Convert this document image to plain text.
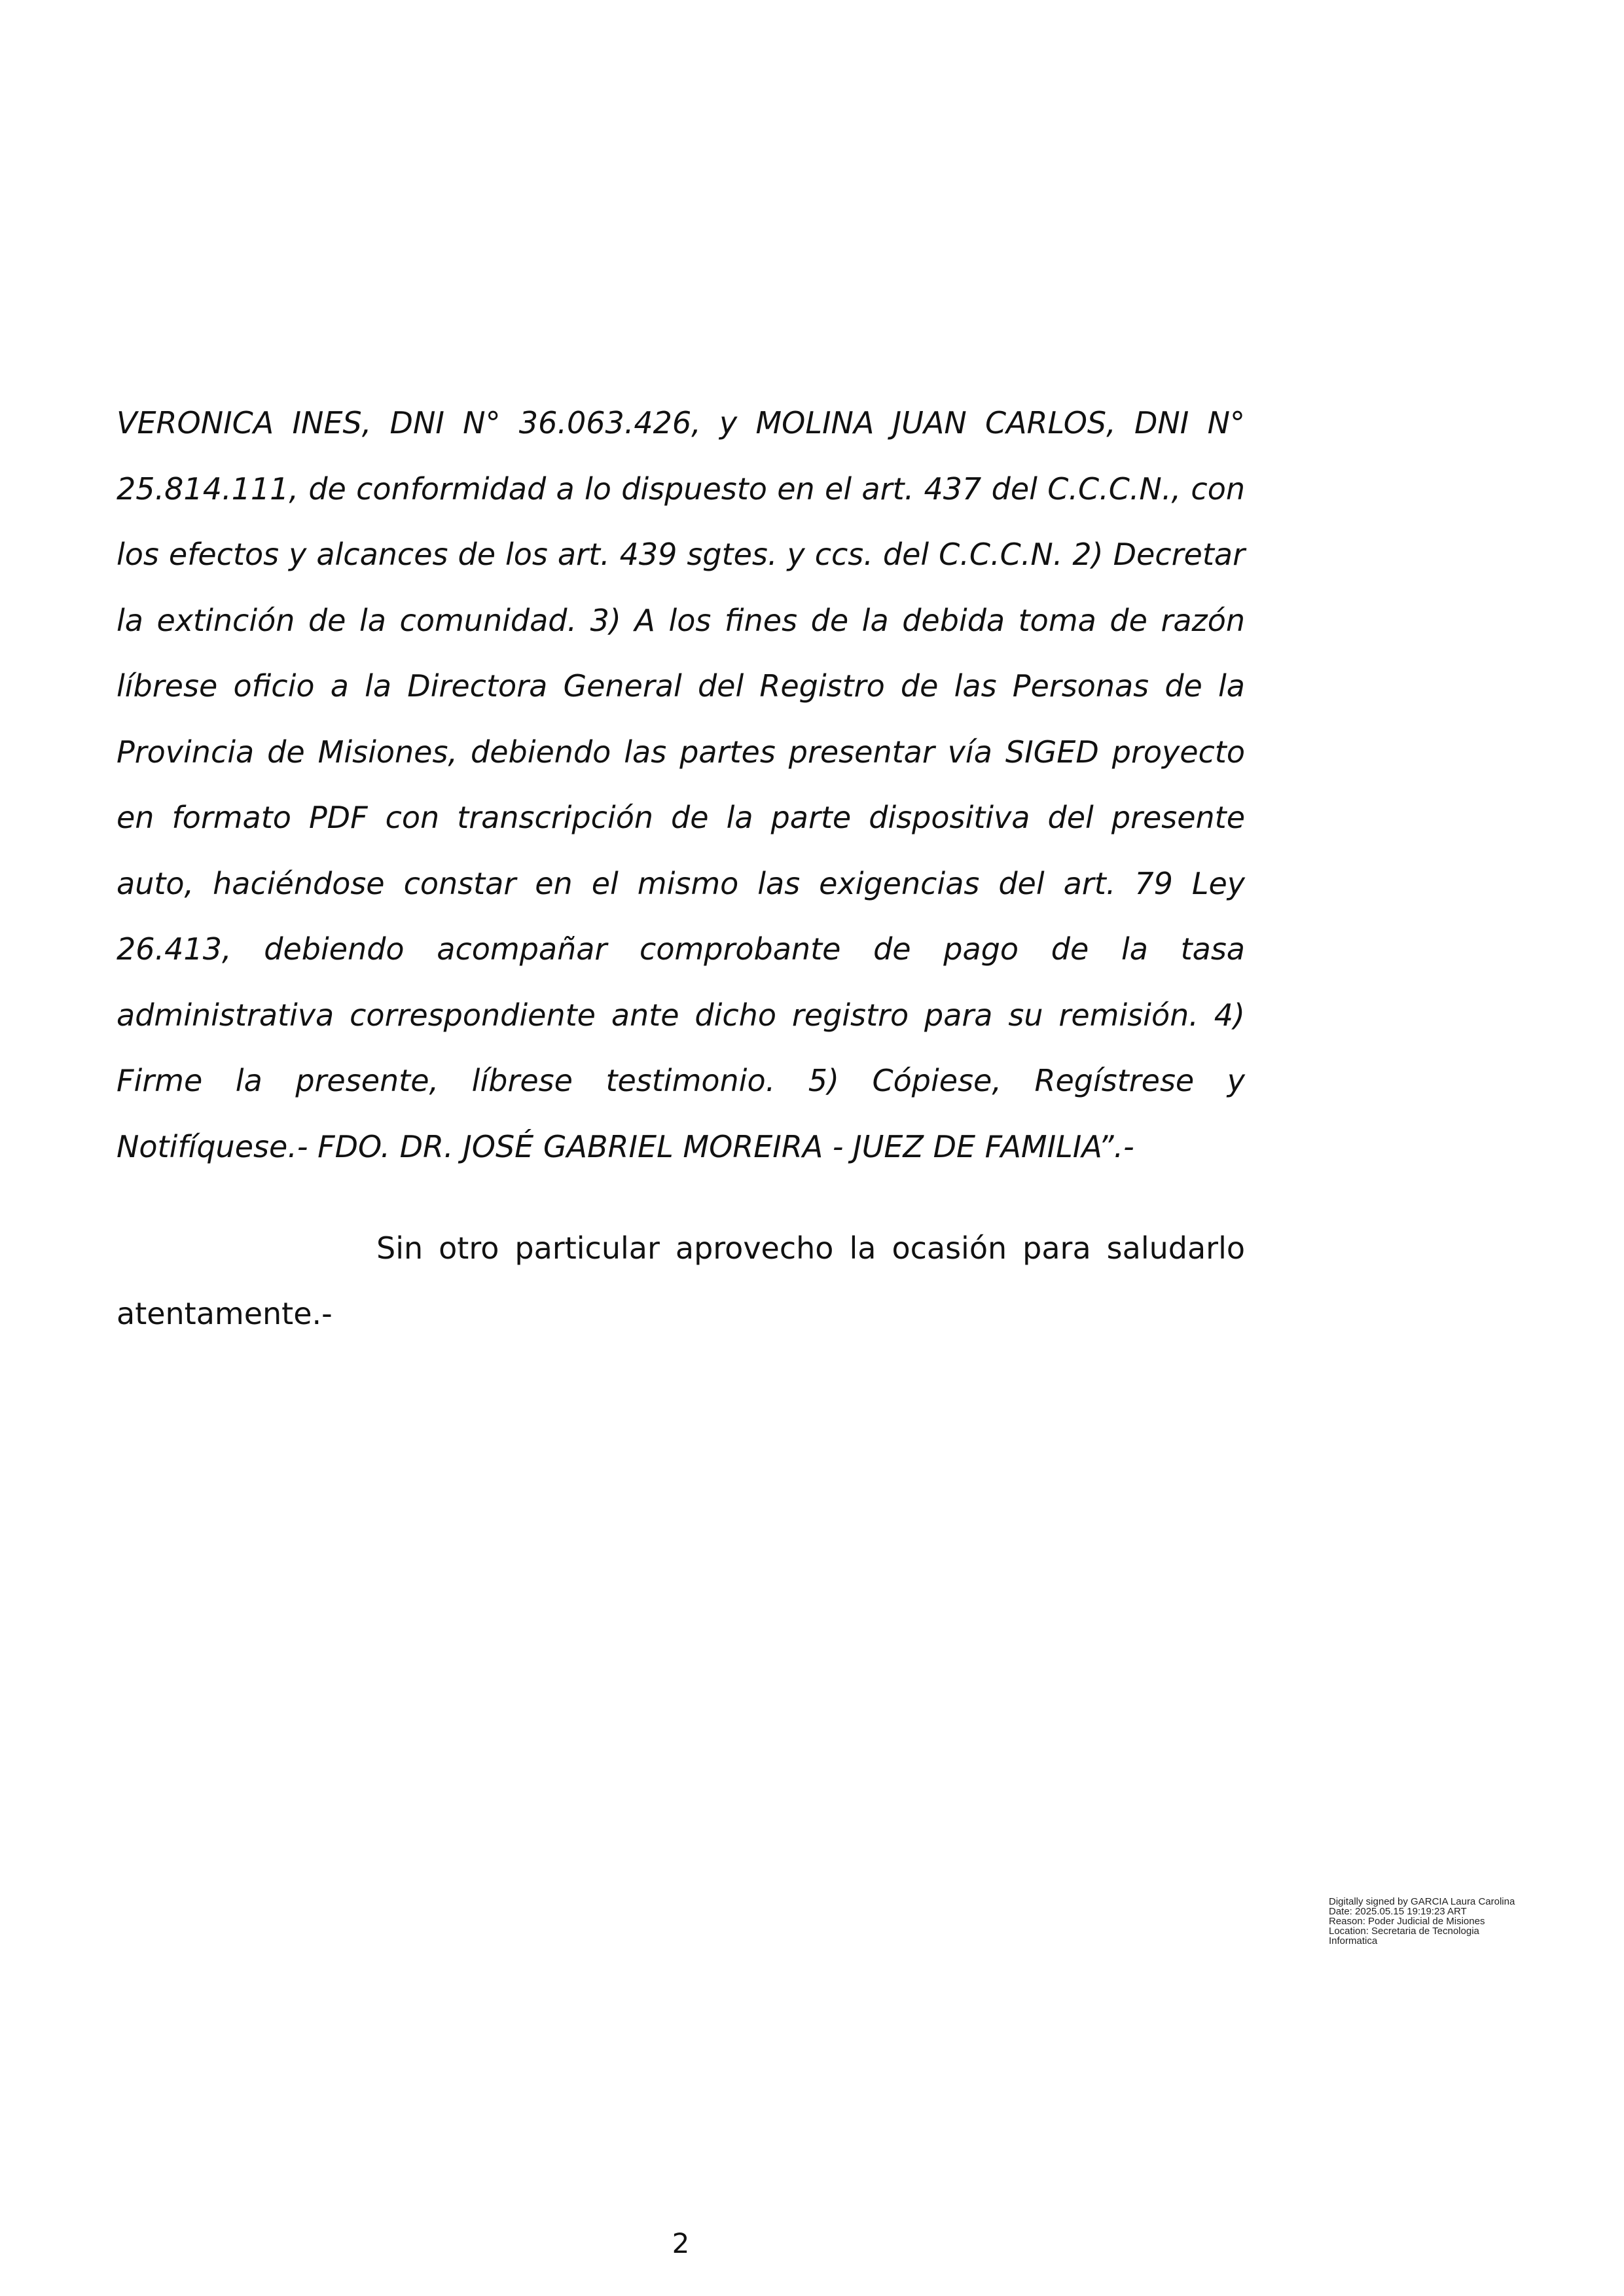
VERONICA INES, DNI N° 36.063.426, y MOLINA JUAN CARLOS, DNI N° 25.814.111, de conformidad a lo dispuesto en el art. 437 del C.C.C.N., con los efectos y alcances de los art. 439 sgtes. y ccs. del C.C.C.N. 2) Decretar la extinción de la comunidad. 3) A los fines de la debida toma de razón líbrese oficio a la Directora General del Registro de las Personas de la Provincia de Misiones, debiendo las partes presentar vía SIGED proyecto en formato PDF con transcripción de la parte dispositiva del presente auto, haciéndose constar en el mismo las exigencias del art. 79 Ley 26.413, debiendo acompañar comprobante de pago de la tasa administrativa correspondiente ante dicho registro para su remisión. 4) Firme la presente, líbrese testimonio. 5) Cópiese, Regístrese y Notifíquese.- FDO. DR. JOSÉ GABRIEL MOREIRA - JUEZ DE FAMILIA”.-

Sin otro particular aprovecho la ocasión para saludarlo atentamente.-

Digitally signed by GARCIA Laura Carolina
Date: 2025.05.15 19:19:23 ART
Reason: Poder Judicial de Misiones
Location: Secretaria de Tecnologia
Informatica

2
